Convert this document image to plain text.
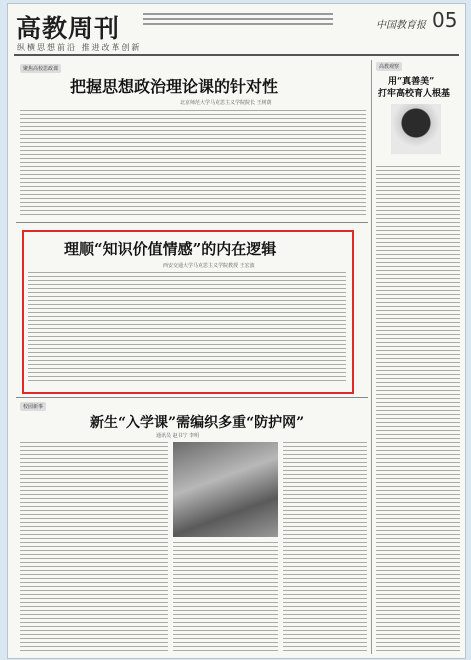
高教周刊
纵横思想前沿 推进改革创新
中国教育报 05
聚焦高校思政课
把握思想政治理论课的针对性
北京师范大学马克思主义学院院长 王树荫
理顺“知识价值情感”的内在逻辑
西安交通大学马克思主义学院教授 王宏波
校园新事
新生“入学课”需编织多重“防护网”
通讯员 赵书宁 李明
高教观察
用“真善美”
打牢高校育人根基
